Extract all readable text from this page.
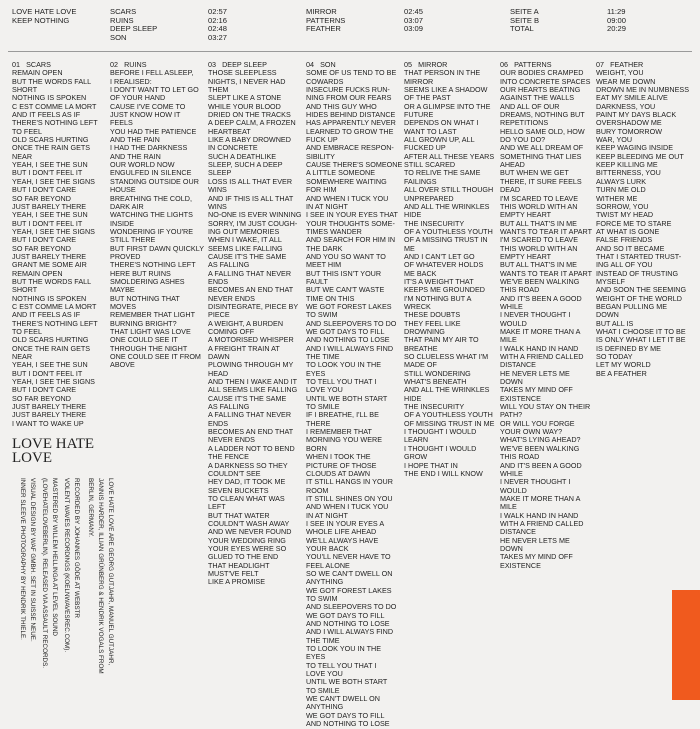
LOVE HATE LOVE
KEEP NOTHING
SCARS
RUINS
DEEP SLEEP
SON
02:57
02:16
02:48
03:27
MIRROR
PATTERNS
FEATHER
02:45
03:07
03:09
SEITE A
SEITE B
TOTAL
11:29
09:00
20:29
01   SCARS
REMAIN OPEN
BUT THE WORDS FALL
SHORT
NOTHING IS SPOKEN
C EST COMME LA MORT
AND IT FEELS AS IF
THERE'S NOTHING LEFT
TO FEEL
OLD SCARS HURTING
ONCE THE RAIN GETS
NEAR
YEAH, I SEE THE SUN
BUT I DON'T FEEL IT
YEAH, I SEE THE SIGNS
BUT I DON'T CARE
SO FAR BEYOND
JUST BARELY THERE
YEAH, I SEE THE SUN
BUT I DON'T FEEL IT
YEAH, I SEE THE SIGNS
BUT I DON'T CARE
SO FAR BEYOND
JUST BARELY THERE
GRANT ME SOME AIR
REMAIN OPEN
BUT THE WORDS FALL
SHORT
NOTHING IS SPOKEN
C EST COMME LA MORT
AND IT FEELS AS IF
THERE'S NOTHING LEFT
TO FEEL
OLD SCARS HURTING
ONCE THE RAIN GETS
NEAR
YEAH, I SEE THE SUN
BUT I DON'T FEEL IT
YEAH, I SEE THE SIGNS
BUT I DON'T CARE
SO FAR BEYOND
JUST BARELY THERE
JUST BARELY THERE
I WANT TO WAKE UP
02   RUINS
BEFORE I FELL ASLEEP,
I REALISED:
I DON'T WANT TO LET GO
OF YOUR HAND
CAUSE I'VE COME TO
JUST KNOW HOW IT
FEELS
YOU HAD THE PATIENCE
AND THE PAIN
I HAD THE DARKNESS
AND THE RAIN
OUR WORLD NOW
ENGULFED IN SILENCE
STANDING OUTSIDE OUR
HOUSE
BREATHING THE COLD,
DARK AIR
WATCHING THE LIGHTS
INSIDE
WONDERING IF YOU'RE
STILL THERE
BUT FIRST DAWN QUICKLY
PROVED
THERE'S NOTHING LEFT
HERE BUT RUINS
SMOLDERING ASHES
MAYBE
BUT NOTHING THAT
MOVES
REMEMBER THAT LIGHT
BURNING BRIGHT?
THAT LIGHT WAS LOVE
ONE COULD SEE IT
THROUGH THE NIGHT
ONE COULD SEE IT FROM
ABOVE
03   DEEP SLEEP
THOSE SLEEPLESS
NIGHTS, I NEVER HAD
THEM
SLEPT LIKE A STONE
WHILE YOUR BLOOD
DRIED ON THE TRACKS
A DEEP CALM, A FROZEN
HEARTBEAT
LIKE A BABY DROWNED
IN CONCRETE
SUCH A DEATHLIKE
SLEEP, SUCH A DEEP
SLEEP
LOSS IS ALL THAT EVER
WINS
AND IF THIS IS ALL THAT
WINS
NO-ONE IS EVER WINNING
SORRY, I'M JUST COUGH-
ING OUT MEMORIES
WHEN I WAKE, IT ALL
SEEMS LIKE FALLING
CAUSE IT'S THE SAME
AS FALLING
A FALLING THAT NEVER
ENDS
BECOMES AN END THAT
NEVER ENDS
DISINTEGRATE, PIECE BY
PIECE
A WEIGHT, A BURDEN
COMING OFF
A MOTORISED WHISPER
A FREIGHT TRAIN AT
DAWN
PLOWING THROUGH MY
HEAD
AND THEN I WAKE AND IT
ALL SEEMS LIKE FALLING
CAUSE IT'S THE SAME
AS FALLING
A FALLING THAT NEVER
ENDS
BECOMES AN END THAT
NEVER ENDS
A LADDER NOT TO BEND
THE FENCE
A DARKNESS SO THEY
COULDN'T SEE
HEY DAD, IT TOOK ME
SEVEN BUCKETS
TO CLEAN WHAT WAS
LEFT
BUT THAT WATER
COULDN'T WASH AWAY
AND WE NEVER FOUND
YOUR WEDDING RING
YOUR EYES WERE SO
GLUED TO THE END
THAT HEADLIGHT
MUST'VE FELT
LIKE A PROMISE
04   SON
SOME OF US TEND TO BE
COWARDS
INSECURE FUCKS RUN-
NING FROM OUR FEARS
AND THIS GUY WHO
HIDES BEHIND DISTANCE
HAS APPARENTLY NEVER
LEARNED TO GROW THE
FUCK UP
AND EMBRACE RESPON-
SIBILITY
CAUSE THERE'S SOMEONE
A LITTLE SOMEONE
SOMEWHERE WAITING
FOR HIM
AND WHEN I TUCK YOU
IN AT NIGHT
I SEE IN YOUR EYES THAT
YOUR THOUGHTS SOME-
TIMES WANDER
AND SEARCH FOR HIM IN
THE DARK
AND YOU SO WANT TO
MEET HIM
BUT THIS ISN'T YOUR
FAULT
BUT WE CAN'T WASTE
TIME ON THIS
WE GOT FOREST LAKES
TO SWIM
AND SLEEPOVERS TO DO
WE GOT DAYS TO FILL
AND NOTHING TO LOSE
AND I WILL ALWAYS FIND
THE TIME
TO LOOK YOU IN THE
EYES
TO TELL YOU THAT I
LOVE YOU
UNTIL WE BOTH START
TO SMILE
IF I BREATHE, I'LL BE
THERE
I REMEMBER THAT
MORNING YOU WERE
BORN
WHEN I TOOK THE
PICTURE OF THOSE
CLOUDS AT DAWN
IT STILL HANGS IN YOUR
ROOM
IT STILL SHINES ON YOU
AND WHEN I TUCK YOU
IN AT NIGHT
I SEE IN YOUR EYES A
WHOLE LIFE AHEAD
WE'LL ALWAYS HAVE
YOUR BACK
YOU'LL NEVER HAVE TO
FEEL ALONE
SO WE CAN'T DWELL ON
ANYTHING
WE GOT FOREST LAKES
TO SWIM
AND SLEEPOVERS TO DO
WE GOT DAYS TO FILL
AND NOTHING TO LOSE
AND I WILL ALWAYS FIND
THE TIME
TO LOOK YOU IN THE
EYES
TO TELL YOU THAT I
LOVE YOU
UNTIL WE BOTH START
TO SMILE
WE CAN'T DWELL ON
ANYTHING
WE GOT DAYS TO FILL
AND NOTHING TO LOSE
05   MIRROR
THAT PERSON IN THE
MIRROR
SEEMS LIKE A SHADOW
OF THE PAST
OR A GLIMPSE INTO THE
FUTURE
DEPENDS ON WHAT I
WANT TO LAST
ALL GROWN UP, ALL
FUCKED UP
AFTER ALL THESE YEARS
STILL SCARED
TO RELIVE THE SAME
FAILINGS
ALL OVER STILL THOUGH
UNPREPARED
AND ALL THE WRINKLES
HIDE
THE INSECURITY
OF A YOUTHLESS YOUTH
OF A MISSING TRUST IN
ME
AND I CAN'T LET GO
OF WHATEVER HOLDS
ME BACK
IT'S A WEIGHT THAT
KEEPS ME GROUNDED
I'M NOTHING BUT A
WRECK
THESE DOUBTS
THEY FEEL LIKE
DROWNING
THAT PAIN MY AIR TO
BREATHE
SO CLUELESS WHAT I'M
MADE OF
STILL WONDERING
WHAT'S BENEATH
AND ALL THE WRINKLES
HIDE
THE INSECURITY
OF A YOUTHLESS YOUTH
OF MISSING TRUST IN ME
I THOUGHT I WOULD
LEARN
I THOUGHT I WOULD
GROW
I HOPE THAT IN
THE END I WILL KNOW
06   PATTERNS
OUR BODIES CRAMPED
INTO CONCRETE SPACES
OUR HEARTS BEATING
AGAINST THE WALLS
AND ALL OF OUR
DREAMS, NOTHING BUT
REPETITIONS
HELLO SAME OLD, HOW
DO YOU DO?
AND WE ALL DREAM OF
SOMETHING THAT LIES
AHEAD
BUT WHEN WE GET
THERE, IT SURE FEELS
DEAD
I'M SCARED TO LEAVE
THIS WORLD WITH AN
EMPTY HEART
BUT ALL THAT'S IN ME
WANTS TO TEAR IT APART
I'M SCARED TO LEAVE
THIS WORLD WITH AN
EMPTY HEART
BUT ALL THAT'S IN ME
WANTS TO TEAR IT APART
WE'VE BEEN WALKING
THIS ROAD
AND IT'S BEEN A GOOD
WHILE
I NEVER THOUGHT I
WOULD
MAKE IT MORE THAN A
MILE
I WALK HAND IN HAND
WITH A FRIEND CALLED
DISTANCE
HE NEVER LETS ME
DOWN
TAKES MY MIND OFF
EXISTENCE
WILL YOU STAY ON THEIR
PATH?
OR WILL YOU FORGE
YOUR OWN WAY?
WHAT'S LYING AHEAD?
WE'VE BEEN WALKING
THIS ROAD
AND IT'S BEEN A GOOD
WHILE
I NEVER THOUGHT I
WOULD
MAKE IT MORE THAN A
MILE
I WALK HAND IN HAND
WITH A FRIEND CALLED
DISTANCE
HE NEVER LETS ME
DOWN
TAKES MY MIND OFF
EXISTENCE
07   FEATHER
WEIGHT, YOU
WEAR ME DOWN
DROWN ME IN NUMBNESS
EAT MY SMILE ALIVE
DARKNESS, YOU
PAINT MY DAYS BLACK
OVERSHADOW ME
BURY TOMORROW
WAR, YOU
KEEP WAGING INSIDE
KEEP BLEEDING ME OUT
KEEP KILLING ME
BITTERNESS, YOU
ALWAYS LURK
TURN ME OLD
WITHER ME
SORROW, YOU
TWIST MY HEAD
FORCE ME TO STARE
AT WHAT IS GONE
FALSE FRIENDS
AND SO IT BECAME
THAT I STARTED TRUST-
ING ALL OF YOU
INSTEAD OF TRUSTING
MYSELF
AND SOON THE SEEMING
WEIGHT OF THE WORLD
BEGAN PULLING ME
DOWN
BUT ALL IS
WHAT I CHOOSE IT TO BE
IS ONLY WHAT I LET IT BE
IS DEFINED BY ME
SO TODAY
LET MY WORLD
BE A FEATHER
LOVE HATE
LOVE
LOVE HATE LOVE ARE GEORG GUTJAHR, MANUEL GUTJAHR,
JANNIS HARDER, ILLIAN GRÜNBERG & HENDRIK VOGALS FROM
BERLIN, GERMANY.
RECORDED BY JOHANNES GÖDE AT WEBSTR
VOLENT WAVES RECORDINGS (KOELNWAVESREC.COM).
MASTERED BY WILLEM HELLINGA AT LEVEL SOUND
(LOVEHATELOVEBERLIN). RELEASED VIA ASSAULT RECORDS.
VISUAL DESIGN BY WAF GMBH. SET IN SUISSE NEUE.
INNER SLEEVE PHOTOGRAPHY BY HENDRIK THIELE.
